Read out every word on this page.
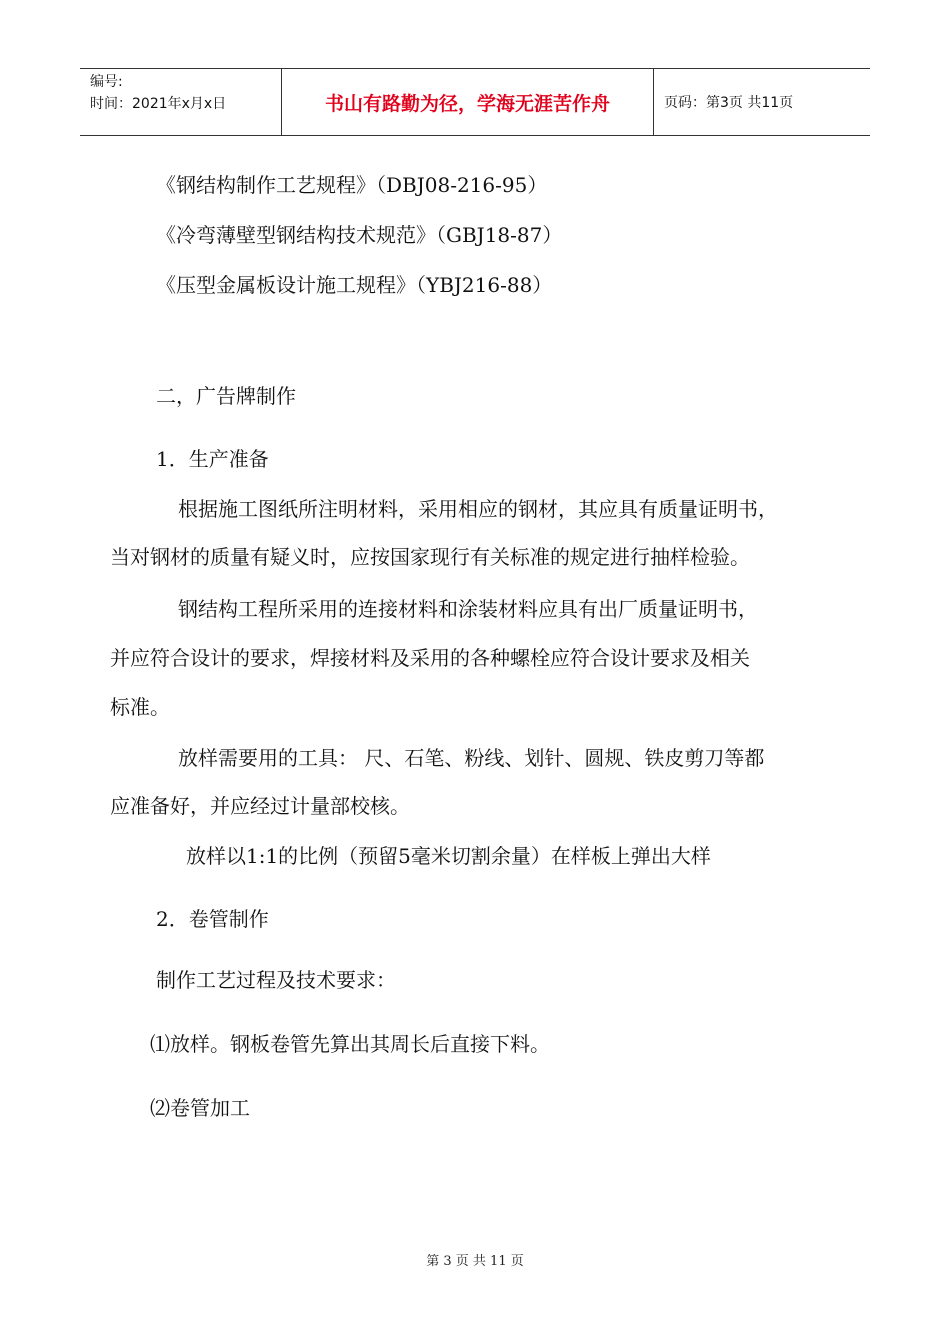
编号:
时间：2021年x月x日	书山有路勤为径，学海无涯苦作舟	页码：第3页 共11页
《钢结构制作工艺规程》（DBJ08-216-95）
《冷弯薄壁型钢结构技术规范》（GBJ18-87）
《压型金属板设计施工规程》（YBJ216-88）
二，广告牌制作
1．生产准备
根据施工图纸所注明材料，采用相应的钢材，其应具有质量证明书，
当对钢材的质量有疑义时，应按国家现行有关标准的规定进行抽样检验。
钢结构工程所采用的连接材料和涂装材料应具有出厂质量证明书，
并应符合设计的要求，焊接材料及采用的各种螺栓应符合设计要求及相关
标准。
放样需要用的工具： 尺、石笔、粉线、划针、圆规、铁皮剪刀等都
应准备好，并应经过计量部校核。
放样以1:1的比例（预留5毫米切割余量）在样板上弹出大样
2．卷管制作
制作工艺过程及技术要求：
⑴放样。钢板卷管先算出其周长后直接下料。
⑵卷管加工
第 3 页 共 11 页
